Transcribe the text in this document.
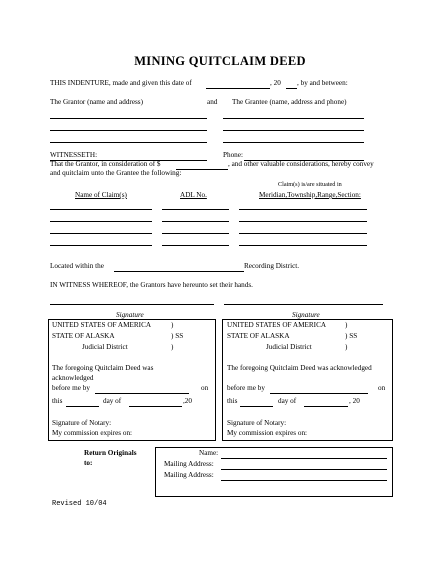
MINING QUITCLAIM DEED
THIS INDENTURE, made and given this date of	, 20 , by and between:
The Grantor (name and address)	and The Grantee (name, address and phone)
WITNESSETH:	Phone:
That the Grantor, in consideration of $	, and other valuable considerations, hereby convey
and quitclaim unto the Grantee the following:
Claim(s) is/are situated in
Name of Claim(s)	ADL No.	Meridian,Township,Range,Section:
Located within the	Recording District.
IN WITNESS WHEREOF, the Grantors have hereunto set their hands.
Signature	Signature
UNITED STATES OF AMERICA	)
STATE OF ALASKA	) SS
Judicial District	)
The foregoing Quitclaim Deed was
acknowledged
before me by	on
this	day of	,20
Signature of Notary:
My commission expires on:
UNITED STATES OF AMERICA	)
STATE OF ALASKA	) SS
Judicial District	)
The foregoing Quitclaim Deed was acknowledged
before me by	on
this	day of	, 20
Signature of Notary:
My commission expires on:
Return Originals
to:
Name:
Mailing Address:
Mailing Address:
Revised 10/04
